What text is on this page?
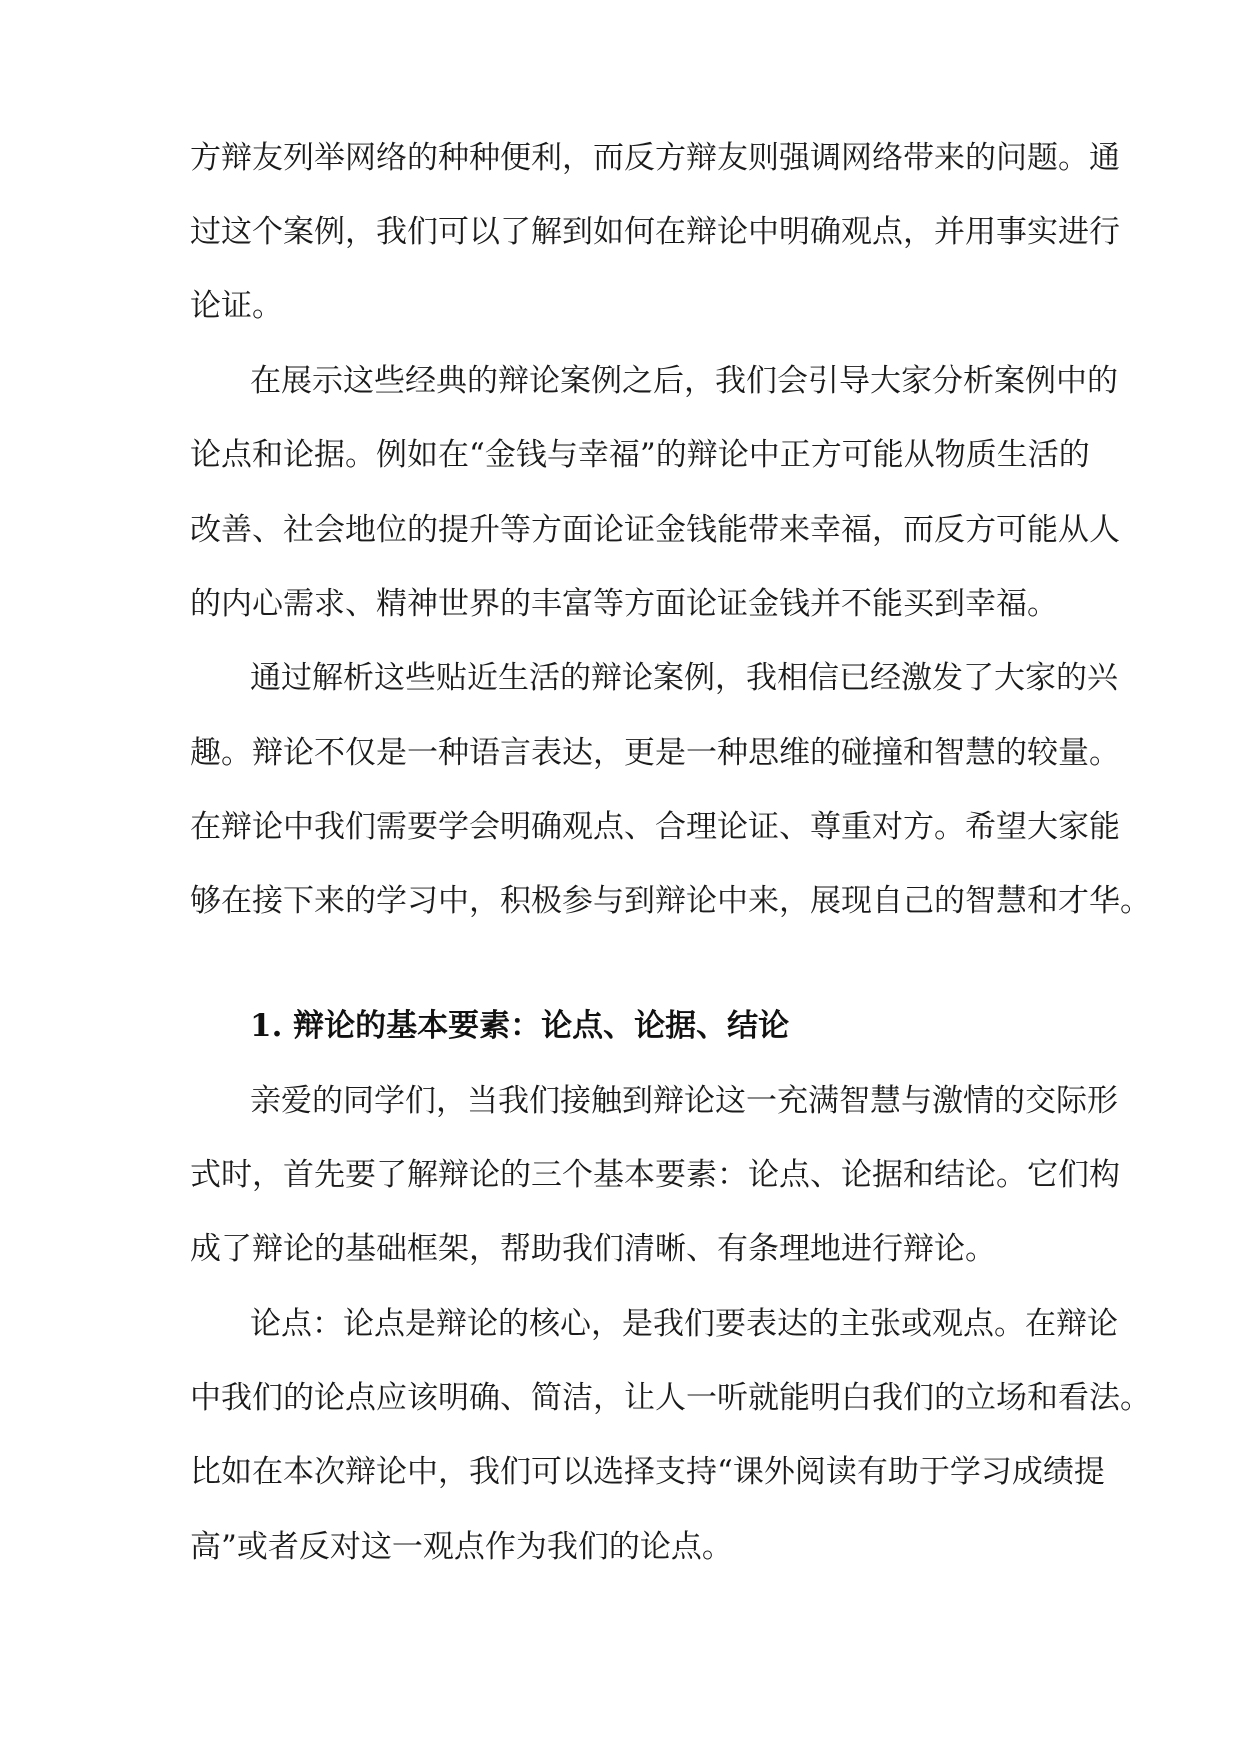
方辩友列举网络的种种便利，而反方辩友则强调网络带来的问题。通

过这个案例，我们可以了解到如何在辩论中明确观点，并用事实进行

论证。

在展示这些经典的辩论案例之后，我们会引导大家分析案例中的

论点和论据。例如在“金钱与幸福”的辩论中正方可能从物质生活的

改善、社会地位的提升等方面论证金钱能带来幸福，而反方可能从人

的内心需求、精神世界的丰富等方面论证金钱并不能买到幸福。

通过解析这些贴近生活的辩论案例，我相信已经激发了大家的兴

趣。辩论不仅是一种语言表达，更是一种思维的碰撞和智慧的较量。

在辩论中我们需要学会明确观点、合理论证、尊重对方。希望大家能

够在接下来的学习中，积极参与到辩论中来，展现自己的智慧和才华。

1. 辩论的基本要素：论点、论据、结论

亲爱的同学们，当我们接触到辩论这一充满智慧与激情的交际形

式时，首先要了解辩论的三个基本要素：论点、论据和结论。它们构

成了辩论的基础框架，帮助我们清晰、有条理地进行辩论。

论点：论点是辩论的核心，是我们要表达的主张或观点。在辩论

中我们的论点应该明确、简洁，让人一听就能明白我们的立场和看法。

比如在本次辩论中，我们可以选择支持“课外阅读有助于学习成绩提

高”或者反对这一观点作为我们的论点。
